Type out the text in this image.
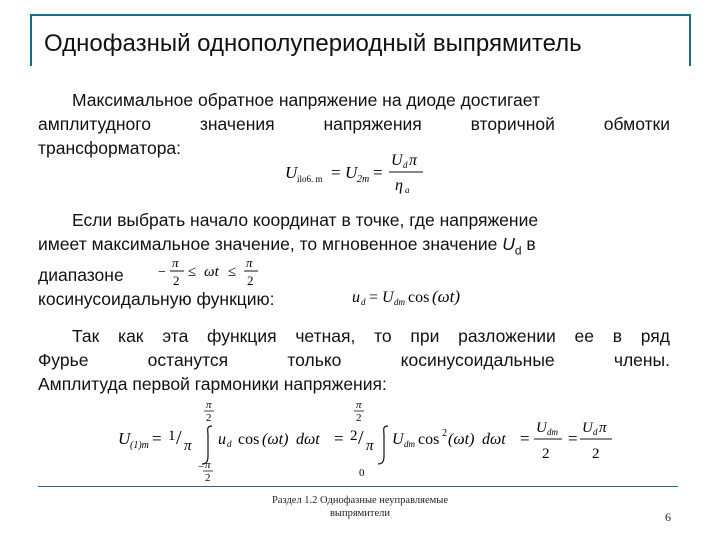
Однофазный однополупериодный выпрямитель
Максимальное обратное напряжение на диоде достигает
амплитудного значения напряжения вторичной обмотки
трансформатора:
U ilo6. m = U 2m =
U d π
η a
Если выбрать начало координат в точке, где напряжение
имеет максимальное значение, то мгновенное значение $U_d$ в
диапазоне
косинусоидальную функцию:
−
π
2
≤ ωt ≤
π
2
u d = U dm cos (ωt)
Так как эта функция четная, то при разложении ее в ряд
Фурье	останутся	только	косинусоидальные	члены.
Амплитуда первой гармоники напряжения:
U (1)m = 1 / π
π
2
− π
2
u d cos (ωt) dωt = 2 / π
π
2
0
U dm cos 2 (ωt) dωt =
U dm
2
=
U d π
2
Раздел 1.2 Однофазные неуправляемые
выпрямители	6
